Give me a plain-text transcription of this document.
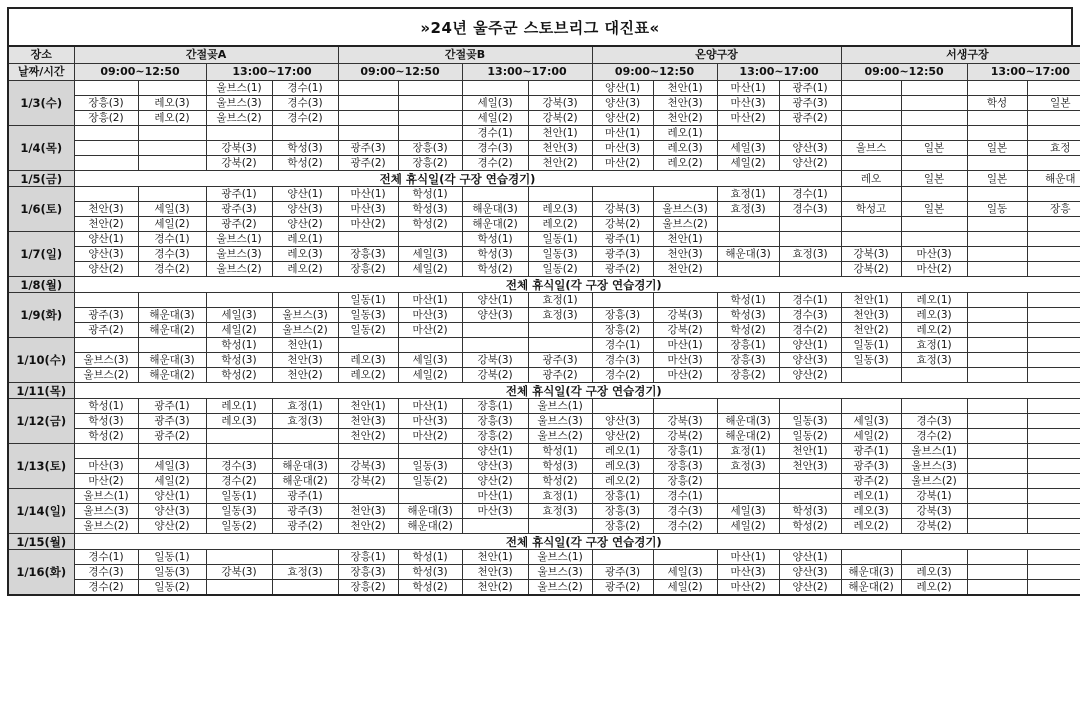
»24년 울주군 스토브리그 대진표«
장소	간절곶A				간절곶B				온양구장				서생구장			
날짜/시간	09:00~12:50		13:00~17:00		09:00~12:50		13:00~17:00		09:00~12:50		13:00~17:00		09:00~12:50		13:00~17:00	
1/3(수)			울브스(1)	경수(1)					양산(1)	천안(1)	마산(1)	광주(1)				
	장흥(3)	레오(3)	울브스(3)	경수(3)			세일(3)	강북(3)	양산(3)	천안(3)	마산(3)	광주(3)			학성	일본
	장흥(2)	레오(2)	울브스(2)	경수(2)			세일(2)	강북(2)	양산(2)	천안(2)	마산(2)	광주(2)				
1/4(목)							경수(1)	천안(1)	마산(1)	레오(1)						
			강북(3)	학성(3)	광주(3)	장흥(3)	경수(3)	천안(3)	마산(3)	레오(3)	세일(3)	양산(3)	울브스	일본	일본	효정
			강북(2)	학성(2)	광주(2)	장흥(2)	경수(2)	천안(2)	마산(2)	레오(2)	세일(2)	양산(2)				
1/5(금)	전체 휴식일(각 구장 연습경기)												레오	일본	일본	해운대
1/6(토)			광주(1)	양산(1)	마산(1)	학성(1)					효정(1)	경수(1)				
	천안(3)	세일(3)	광주(3)	양산(3)	마산(3)	학성(3)	해운대(3)	레오(3)	강북(3)	울브스(3)	효정(3)	경수(3)	학성고	일본	일동	장흥
	천안(2)	세일(2)	광주(2)	양산(2)	마산(2)	학성(2)	해운대(2)	레오(2)	강북(2)	울브스(2)						
1/7(일)	양산(1)	경수(1)	울브스(1)	레오(1)			학성(1)	일동(1)	광주(1)	천안(1)						
	양산(3)	경수(3)	울브스(3)	레오(3)	장흥(3)	세일(3)	학성(3)	일동(3)	광주(3)	천안(3)	해운대(3)	효정(3)	강북(3)	마산(3)		
	양산(2)	경수(2)	울브스(2)	레오(2)	장흥(2)	세일(2)	학성(2)	일동(2)	광주(2)	천안(2)			강북(2)	마산(2)		
1/8(월)	전체 휴식일(각 구장 연습경기)															
1/9(화)					일동(1)	마산(1)	양산(1)	효정(1)			학성(1)	경수(1)	천안(1)	레오(1)		
	광주(3)	해운대(3)	세일(3)	울브스(3)	일동(3)	마산(3)	양산(3)	효정(3)	장흥(3)	강북(3)	학성(3)	경수(3)	천안(3)	레오(3)		
	광주(2)	해운대(2)	세일(2)	울브스(2)	일동(2)	마산(2)			장흥(2)	강북(2)	학성(2)	경수(2)	천안(2)	레오(2)		
1/10(수)			학성(1)	천안(1)					경수(1)	마산(1)	장흥(1)	양산(1)	일동(1)	효정(1)		
	울브스(3)	해운대(3)	학성(3)	천안(3)	레오(3)	세일(3)	강북(3)	광주(3)	경수(3)	마산(3)	장흥(3)	양산(3)	일동(3)	효정(3)		
	울브스(2)	해운대(2)	학성(2)	천안(2)	레오(2)	세일(2)	강북(2)	광주(2)	경수(2)	마산(2)	장흥(2)	양산(2)				
1/11(목)	전체 휴식일(각 구장 연습경기)															
1/12(금)	학성(1)	광주(1)	레오(1)	효정(1)	천안(1)	마산(1)	장흥(1)	울브스(1)								
	학성(3)	광주(3)	레오(3)	효정(3)	천안(3)	마산(3)	장흥(3)	울브스(3)	양산(3)	강북(3)	해운대(3)	일동(3)	세일(3)	경수(3)		
	학성(2)	광주(2)			천안(2)	마산(2)	장흥(2)	울브스(2)	양산(2)	강북(2)	해운대(2)	일동(2)	세일(2)	경수(2)		
1/13(토)							양산(1)	학성(1)	레오(1)	장흥(1)	효정(1)	천안(1)	광주(1)	울브스(1)		
	마산(3)	세일(3)	경수(3)	해운대(3)	강북(3)	일동(3)	양산(3)	학성(3)	레오(3)	장흥(3)	효정(3)	천안(3)	광주(3)	울브스(3)		
	마산(2)	세일(2)	경수(2)	해운대(2)	강북(2)	일동(2)	양산(2)	학성(2)	레오(2)	장흥(2)			광주(2)	울브스(2)		
1/14(일)	울브스(1)	양산(1)	일동(1)	광주(1)			마산(1)	효정(1)	장흥(1)	경수(1)			레오(1)	강북(1)		
	울브스(3)	양산(3)	일동(3)	광주(3)	천안(3)	해운대(3)	마산(3)	효정(3)	장흥(3)	경수(3)	세일(3)	학성(3)	레오(3)	강북(3)		
	울브스(2)	양산(2)	일동(2)	광주(2)	천안(2)	해운대(2)			장흥(2)	경수(2)	세일(2)	학성(2)	레오(2)	강북(2)		
1/15(월)	전체 휴식일(각 구장 연습경기)															
1/16(화)	경수(1)	일동(1)			장흥(1)	학성(1)	천안(1)	울브스(1)			마산(1)	양산(1)				
	경수(3)	일동(3)	강북(3)	효정(3)	장흥(3)	학성(3)	천안(3)	울브스(3)	광주(3)	세일(3)	마산(3)	양산(3)	해운대(3)	레오(3)		
	경수(2)	일동(2)			장흥(2)	학성(2)	천안(2)	울브스(2)	광주(2)	세일(2)	마산(2)	양산(2)	해운대(2)	레오(2)		
